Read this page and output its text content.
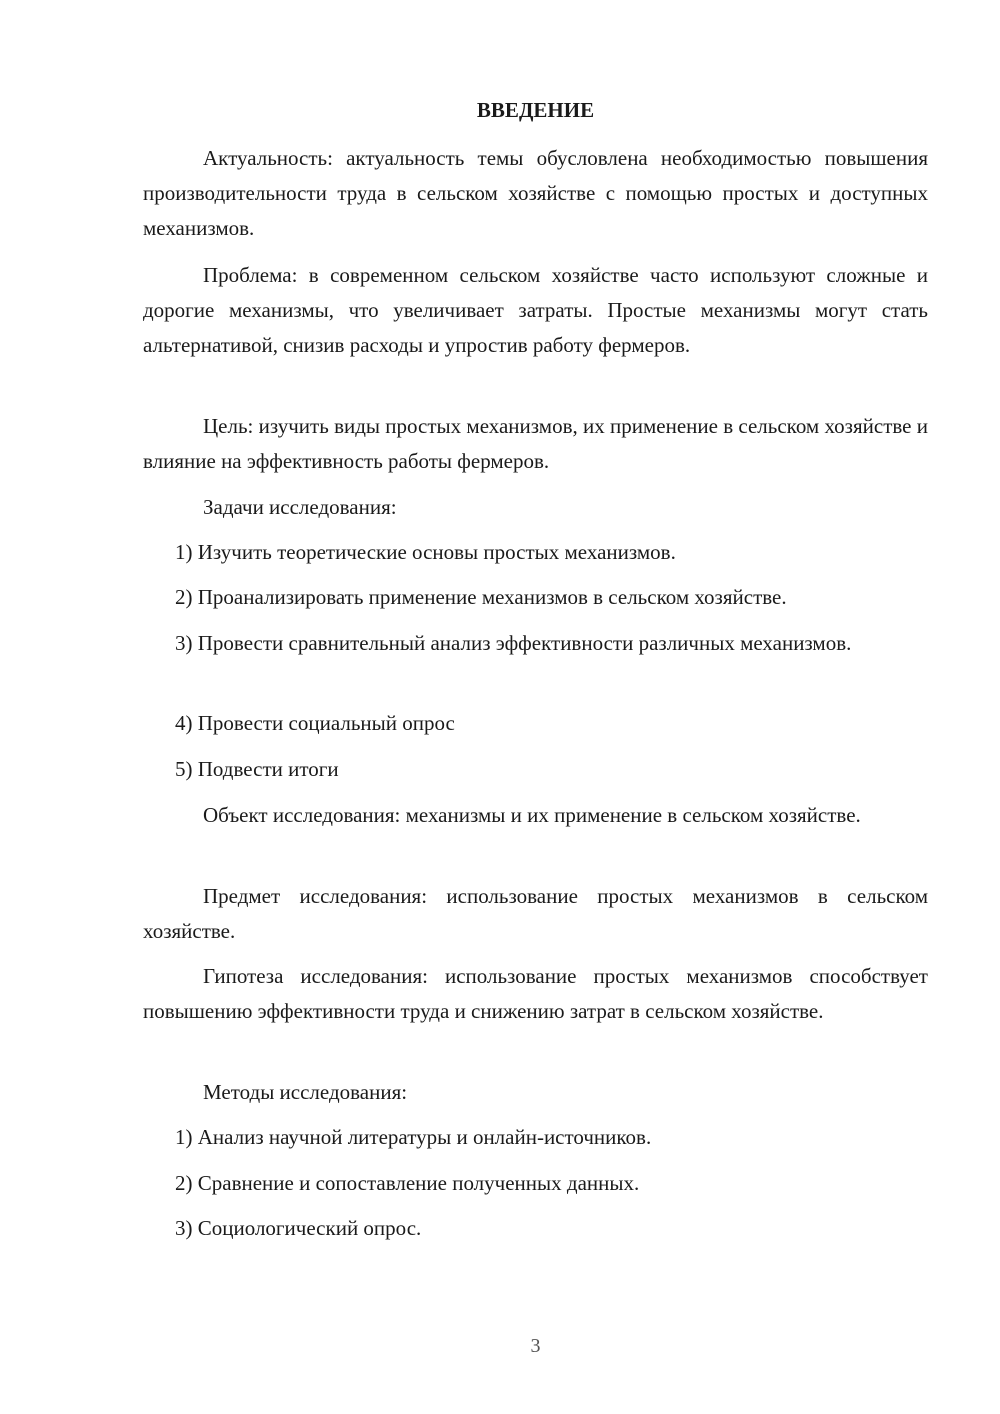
ВВЕДЕНИЕ

Актуальность: актуальность темы обусловлена необходимостью повышения производительности труда в сельском хозяйстве с помощью простых и доступных механизмов.

Проблема: в современном сельском хозяйстве часто используют сложные и дорогие механизмы, что увеличивает затраты. Простые механизмы могут стать альтернативой, снизив расходы и упростив работу фермеров.

Цель: изучить виды простых механизмов, их применение в сельском хозяйстве и влияние на эффективность работы фермеров.

Задачи исследования:

1) Изучить теоретические основы простых механизмов.

2) Проанализировать применение механизмов в сельском хозяйстве.

3) Провести сравнительный анализ эффективности различных механизмов.

4) Провести социальный опрос

5) Подвести итоги

Объект исследования: механизмы и их применение в сельском хозяйстве.

Предмет исследования: использование простых механизмов в сельском хозяйстве.

Гипотеза исследования: использование простых механизмов способствует повышению эффективности труда и снижению затрат в сельском хозяйстве.

Методы исследования:

1) Анализ научной литературы и онлайн-источников.

2) Сравнение и сопоставление полученных данных.

3) Социологический опрос.

3
